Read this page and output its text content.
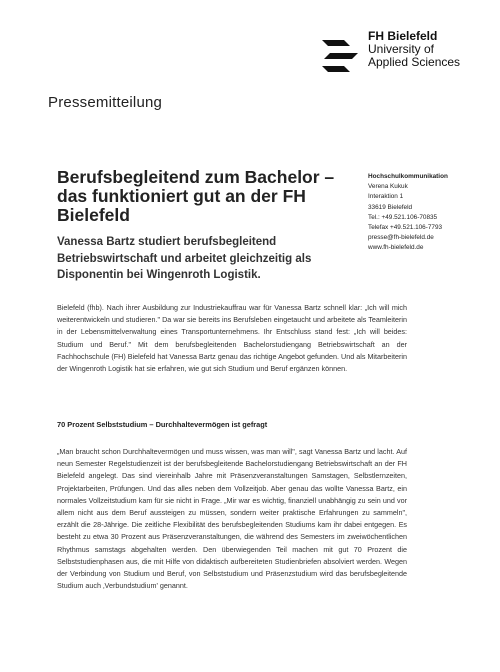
FH Bielefeld
University of
Applied Sciences
Pressemitteilung
Hochschulkommunikation
Verena Kukuk
Interaktion 1
33619 Bielefeld
Tel.: +49.521.106-70835
Telefax +49.521.106-7793
presse@fh-bielefeld.de
www.fh-bielefeld.de
Berufsbegleitend zum Bachelor – das funktioniert gut an der FH Bielefeld
Vanessa Bartz studiert berufsbegleitend Betriebswirtschaft und arbeitet gleichzeitig als Disponentin bei Wingenroth Logistik.
Bielefeld (fhb). Nach ihrer Ausbildung zur Industriekauffrau war für Vanessa Bartz schnell klar: „Ich will mich weiterentwickeln und studieren." Da war sie bereits ins Berufsleben eingetaucht und arbeitete als Teamleiterin in der Lebensmittelverwaltung eines Transportunternehmens. Ihr Entschluss stand fest: „Ich will beides: Studium und Beruf." Mit dem berufsbegleitenden Bachelorstudiengang Betriebswirtschaft an der Fachhochschule (FH) Bielefeld hat Vanessa Bartz genau das richtige Angebot gefunden. Und als Mitarbeiterin der Wingenroth Logistik hat sie erfahren, wie gut sich Studium und Beruf ergänzen können.
70 Prozent Selbststudium – Durchhaltevermögen ist gefragt
„Man braucht schon Durchhaltevermögen und muss wissen, was man will", sagt Vanessa Bartz und lacht. Auf neun Semester Regelstudienzeit ist der berufsbegleitende Bachelorstudiengang Betriebswirtschaft an der FH Bielefeld angelegt. Das sind viereinhalb Jahre mit Präsenzveranstaltungen Samstagen, Selbstlernzeiten, Projektarbeiten, Prüfungen. Und das alles neben dem Vollzeitjob. Aber genau das wollte Vanessa Bartz, ein normales Vollzeitstudium kam für sie nicht in Frage. „Mir war es wichtig, finanziell unabhängig zu sein und vor allem nicht aus dem Beruf aussteigen zu müssen, sondern weiter praktische Erfahrungen zu sammeln", erzählt die 28-Jährige. Die zeitliche Flexibilität des berufsbegleitenden Studiums kam ihr dabei entgegen. Es besteht zu etwa 30 Prozent aus Präsenzveranstaltungen, die während des Semesters im zweiwöchentlichen Rhythmus samstags abgehalten werden. Den überwiegenden Teil machen mit gut 70 Prozent die Selbststudienphasen aus, die mit Hilfe von didaktisch aufbereiteten Studienbriefen absolviert werden. Wegen der Verbindung von Studium und Beruf, von Selbststudium und Präsenzstudium wird das berufsbegleitende Studium auch ‚Verbundstudium' genannt.
